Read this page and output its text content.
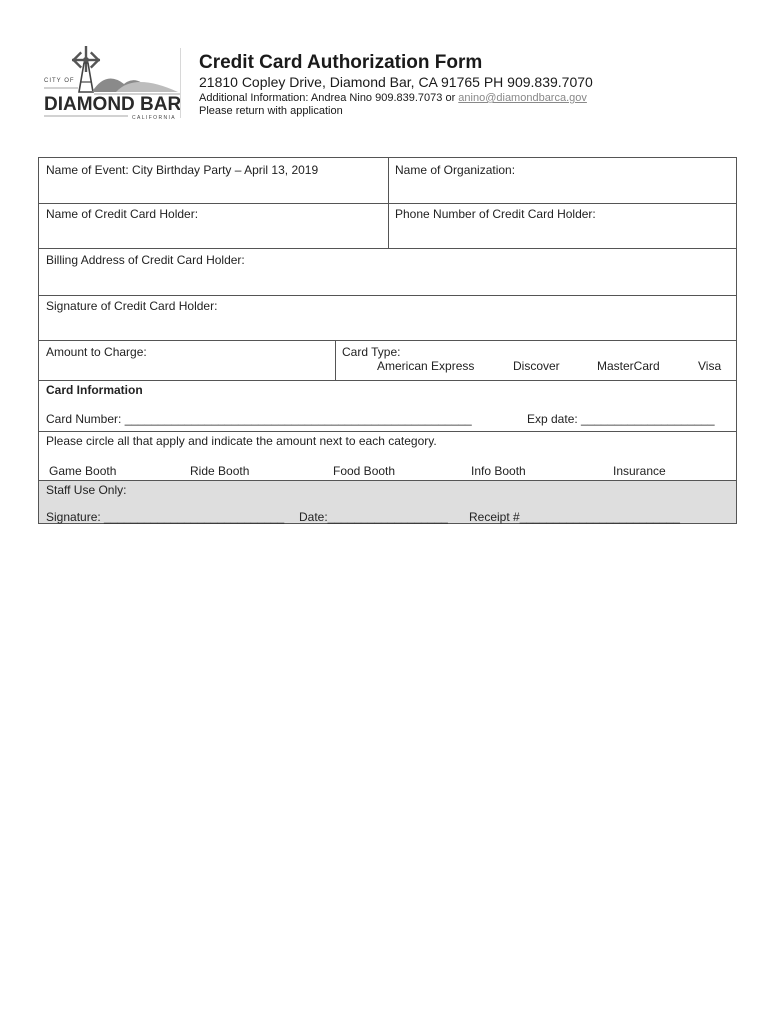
CITY OF
DIAMOND BAR
CALIFORNIA
Credit Card Authorization Form
21810 Copley Drive, Diamond Bar, CA 91765 PH 909.839.7070
Additional Information: Andrea Nino 909.839.7073 or anino@diamondbarca.gov
Please return with application
Name of Event: City Birthday Party – April 13, 2019	Name of Organization:
Name of Credit Card Holder:	Phone Number of Credit Card Holder:
Billing Address of Credit Card Holder:
Signature of Credit Card Holder:
Amount to Charge:	Card Type:
American Express	Discover	MasterCard	Visa
Card Information
Card Number: ____________________________________________________	Exp date: ____________________
Please circle all that apply and indicate the amount next to each category.
Game Booth	Ride Booth	Food Booth	Info Booth	Insurance
Staff Use Only:
Signature: ___________________________ Date:__________________ Receipt #________________________
